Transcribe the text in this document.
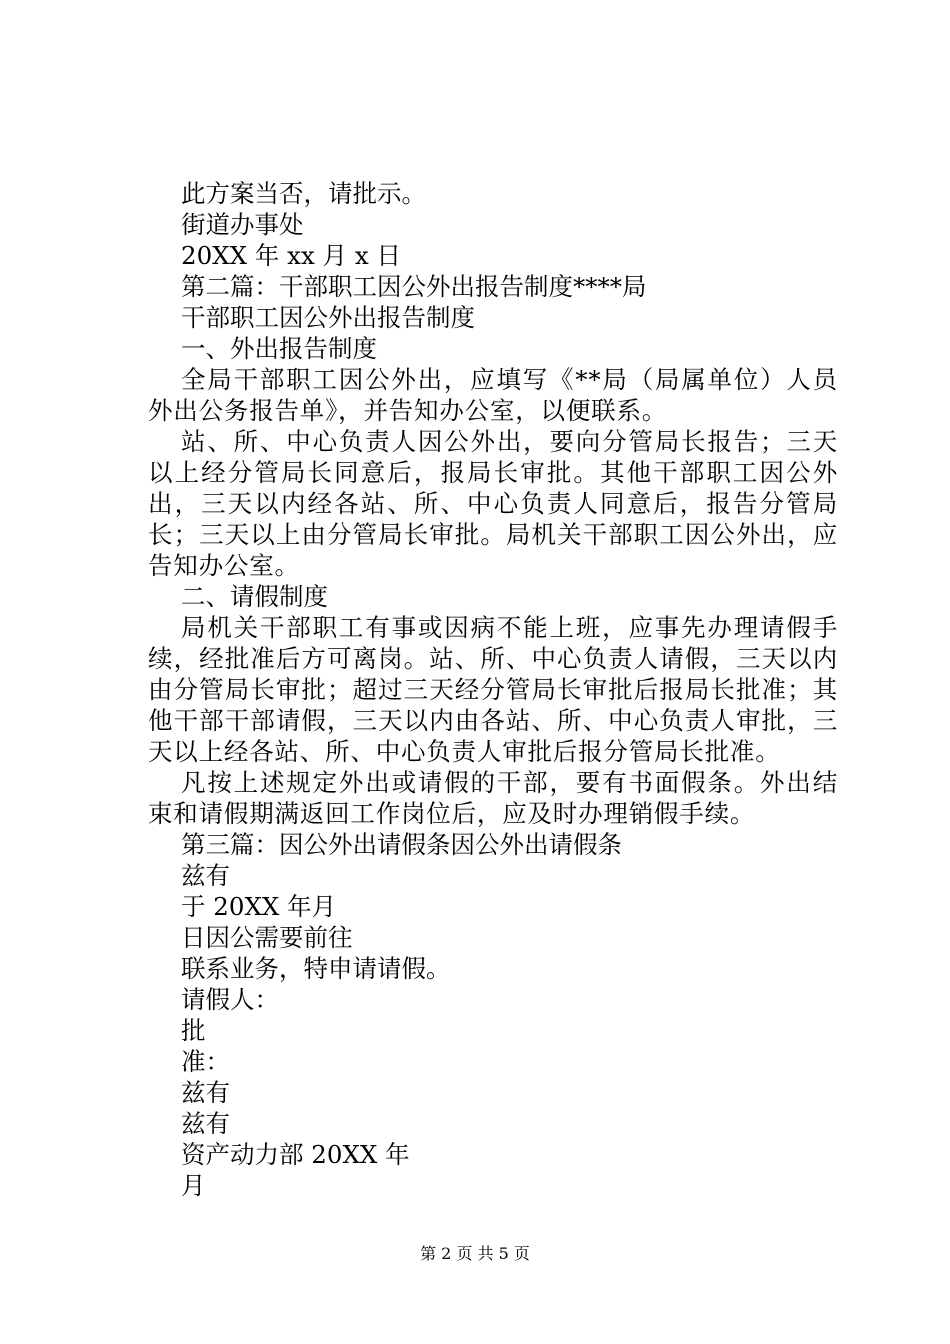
此方案当否，请批示。
街道办事处
20XX 年 xx 月 x 日
第二篇：干部职工因公外出报告制度****局
干部职工因公外出报告制度
一、外出报告制度
全局干部职工因公外出，应填写《**局（局属单位）人员外出公务报告单》，并告知办公室，以便联系。
站、所、中心负责人因公外出，要向分管局长报告；三天以上经分管局长同意后，报局长审批。其他干部职工因公外出，三天以内经各站、所、中心负责人同意后，报告分管局长；三天以上由分管局长审批。局机关干部职工因公外出，应告知办公室。
二、请假制度
局机关干部职工有事或因病不能上班，应事先办理请假手续，经批准后方可离岗。站、所、中心负责人请假，三天以内由分管局长审批；超过三天经分管局长审批后报局长批准；其他干部干部请假，三天以内由各站、所、中心负责人审批，三天以上经各站、所、中心负责人审批后报分管局长批准。
凡按上述规定外出或请假的干部，要有书面假条。外出结束和请假期满返回工作岗位后，应及时办理销假手续。
第三篇：因公外出请假条因公外出请假条
兹有
于 20XX 年月
日因公需要前往
联系业务，特申请请假。
请假人：
批
准：
兹有
兹有
资产动力部 20XX 年
月
第 2 页 共 5 页
